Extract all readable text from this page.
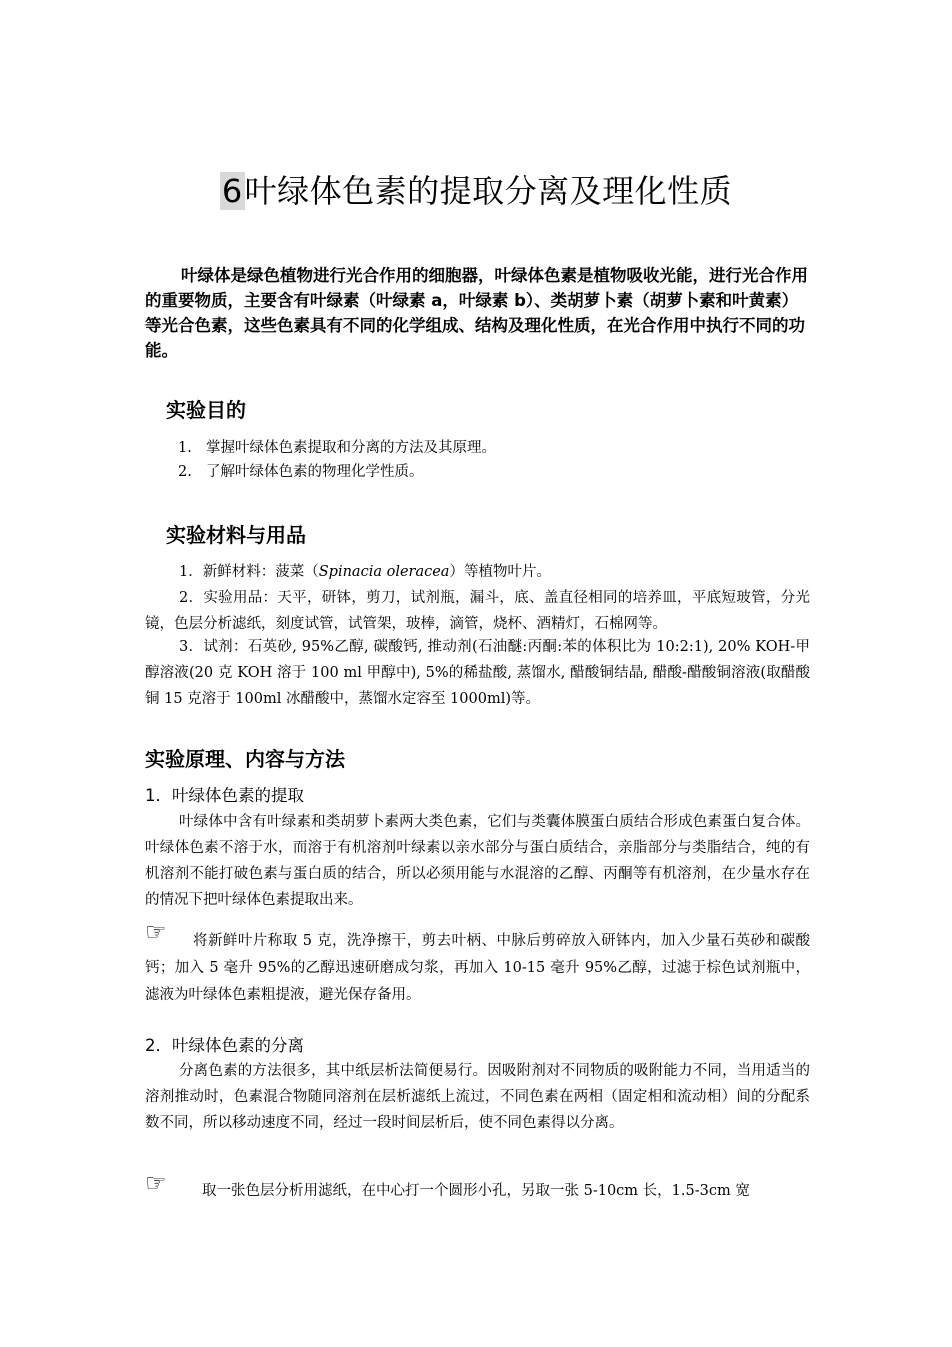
6叶绿体色素的提取分离及理化性质
叶绿体是绿色植物进行光合作用的细胞器，叶绿体色素是植物吸收光能，进行光合作用的重要物质，主要含有叶绿素（叶绿素 a，叶绿素 b）、类胡萝卜素（胡萝卜素和叶黄素）等光合色素，这些色素具有不同的化学组成、结构及理化性质，在光合作用中执行不同的功能。
实验目的
1. 掌握叶绿体色素提取和分离的方法及其原理。
2. 了解叶绿体色素的物理化学性质。
实验材料与用品
1．新鲜材料：菠菜（Spinacia oleracea）等植物叶片。
2．实验用品：天平，研钵，剪刀，试剂瓶，漏斗，底、盖直径相同的培养皿，平底短玻管，分光镜，色层分析滤纸，刻度试管，试管架，玻棒，滴管，烧杯、酒精灯，石棉网等。
3．试剂：石英砂, 95%乙醇, 碳酸钙, 推动剂(石油醚:丙酮:苯的体积比为 10:2:1), 20% KOH-甲醇溶液(20 克 KOH 溶于 100 ml 甲醇中), 5%的稀盐酸, 蒸馏水, 醋酸铜结晶, 醋酸-醋酸铜溶液(取醋酸铜 15 克溶于 100ml 冰醋酸中，蒸馏水定容至 1000ml)等。
实验原理、内容与方法
1．叶绿体色素的提取
叶绿体中含有叶绿素和类胡萝卜素两大类色素，它们与类囊体膜蛋白质结合形成色素蛋白复合体。叶绿体色素不溶于水，而溶于有机溶剂叶绿素以亲水部分与蛋白质结合，亲脂部分与类脂结合，纯的有机溶剂不能打破色素与蛋白质的结合，所以必须用能与水混溶的乙醇、丙酮等有机溶剂，在少量水存在的情况下把叶绿体色素提取出来。
☞	将新鲜叶片称取 5 克，洗净擦干，剪去叶柄、中脉后剪碎放入研钵内，加入少量石英砂和碳酸钙；加入 5 毫升 95%的乙醇迅速研磨成匀浆，再加入 10-15 毫升 95%乙醇，过滤于棕色试剂瓶中，滤液为叶绿体色素粗提液，避光保存备用。
2．叶绿体色素的分离
分离色素的方法很多，其中纸层析法简便易行。因吸附剂对不同物质的吸附能力不同，当用适当的溶剂推动时，色素混合物随同溶剂在层析滤纸上流过，不同色素在两相（固定相和流动相）间的分配系数不同，所以移动速度不同，经过一段时间层析后，使不同色素得以分离。
☞	取一张色层分析用滤纸，在中心打一个圆形小孔，另取一张 5-10cm 长，1.5-3cm 宽
